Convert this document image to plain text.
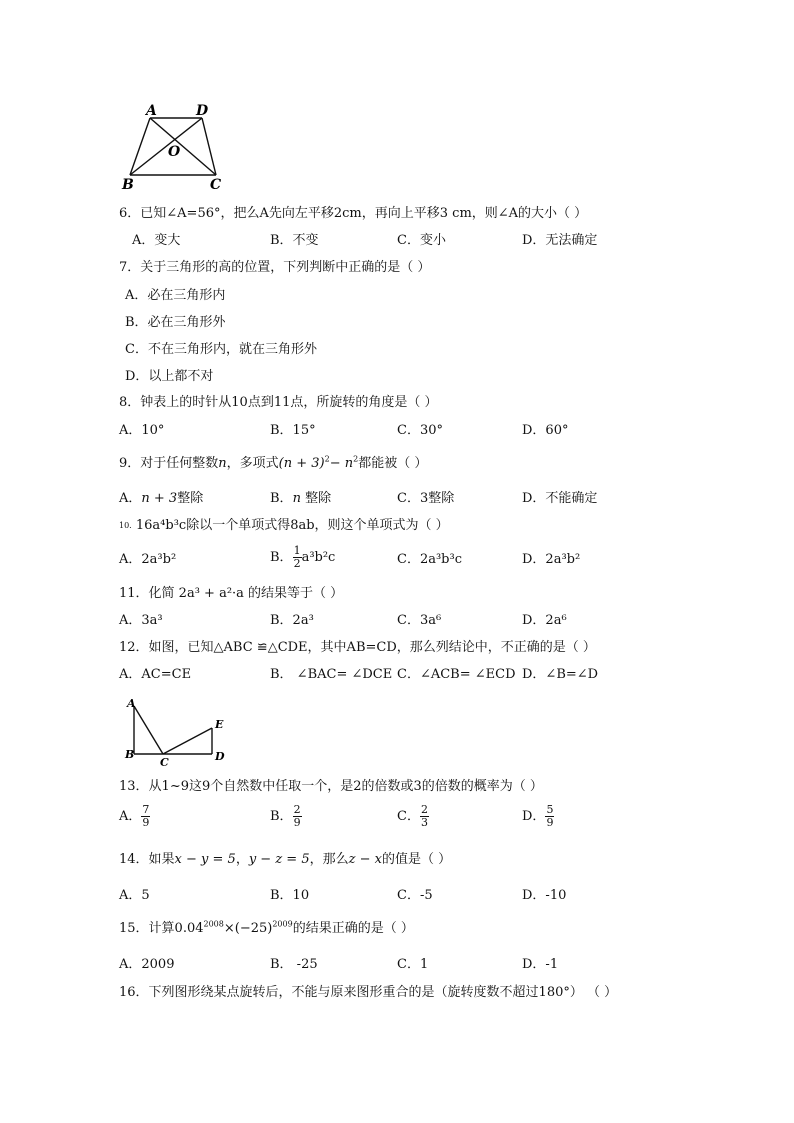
A	D
O
B	C
6．已知∠A=56°，把么A先向左平移2cm，再向上平移3 cm，则∠A的大小（ ）
A．变大	B．不变	C．变小	D．无法确定
7．关于三角形的高的位置，下列判断中正确的是（ ）
A．必在三角形内
B．必在三角形外
C．不在三角形内，就在三角形外
D．以上都不对
8．钟表上的时针从10点到11点，所旋转的角度是（ ）
A．10°	B．15°	C．30°	D．60°
9．对于任何整数n，多项式$(n + 3)^2- n^2$都能被（ ）
A．n + 3整除	B．n 整除	C．3整除	D．不能确定
$^{10.}$ 16a⁴b³c除以一个单项式得8ab，则这个单项式为（ ）
A．2a³b²	B． $\frac{1}{2} a^3b^2c$	C．2a³b³c	D．2a³b²
11．化简 2a³ + a²·a 的结果等于（ ）
A．3a³	B．2a³	C．3a⁶	D．2a⁶
12．如图，已知△ABC ≌△CDE，其中AB=CD，那么列结论中，不正确的是（ ）
A．AC=CE	B． ∠BAC= ∠DCE C．∠ACB= ∠ECD D．∠B=∠D
A
E
B
C	D
13．从1~9这9个自然数中任取一个，是2的倍数或3的倍数的概率为（ ）
A． $\frac{7}{9}$	B． $\frac{2}{9}$	C． $\frac{2}{3}$	D． $\frac{5}{9}$
14．如果x − y = 5，y − z = 5，那么z − x的值是（ ）
A．5	B．10	C．-5	D．-10
15．计算$0.04^{2008}\times(-25)^{2009}$的结果正确的是（ ）
A．2009	B． -25	C．1	D．-1
16．下列图形绕某点旋转后，不能与原来图形重合的是（旋转度数不超过180°） （ ）
